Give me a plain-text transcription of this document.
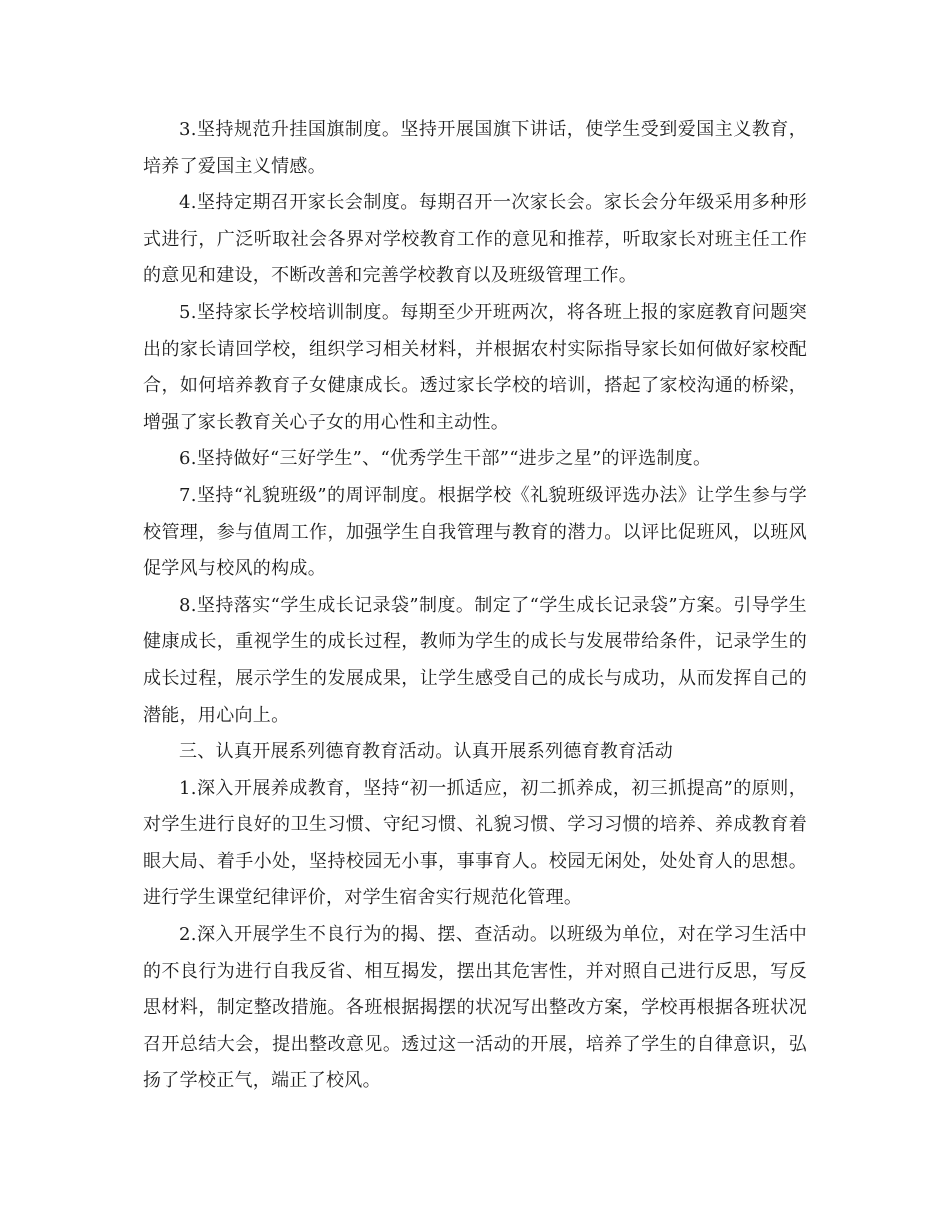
3.坚持规范升挂国旗制度。坚持开展国旗下讲话，使学生受到爱国主义教育，培养了爱国主义情感。

4.坚持定期召开家长会制度。每期召开一次家长会。家长会分年级采用多种形式进行，广泛听取社会各界对学校教育工作的意见和推荐，听取家长对班主任工作的意见和建设，不断改善和完善学校教育以及班级管理工作。

5.坚持家长学校培训制度。每期至少开班两次，将各班上报的家庭教育问题突出的家长请回学校，组织学习相关材料，并根据农村实际指导家长如何做好家校配合，如何培养教育子女健康成长。透过家长学校的培训，搭起了家校沟通的桥梁，增强了家长教育关心子女的用心性和主动性。

6.坚持做好“三好学生”、“优秀学生干部”“进步之星”的评选制度。

7.坚持“礼貌班级”的周评制度。根据学校《礼貌班级评选办法》让学生参与学校管理，参与值周工作，加强学生自我管理与教育的潜力。以评比促班风，以班风促学风与校风的构成。

8.坚持落实“学生成长记录袋”制度。制定了“学生成长记录袋”方案。引导学生健康成长，重视学生的成长过程，教师为学生的成长与发展带给条件，记录学生的成长过程，展示学生的发展成果，让学生感受自己的成长与成功，从而发挥自己的潜能，用心向上。

三、认真开展系列德育教育活动。认真开展系列德育教育活动

1.深入开展养成教育，坚持“初一抓适应，初二抓养成，初三抓提高”的原则，对学生进行良好的卫生习惯、守纪习惯、礼貌习惯、学习习惯的培养、养成教育着眼大局、着手小处，坚持校园无小事，事事育人。校园无闲处，处处育人的思想。进行学生课堂纪律评价，对学生宿舍实行规范化管理。

2.深入开展学生不良行为的揭、摆、查活动。以班级为单位，对在学习生活中的不良行为进行自我反省、相互揭发，摆出其危害性，并对照自己进行反思，写反思材料，制定整改措施。各班根据揭摆的状况写出整改方案，学校再根据各班状况召开总结大会，提出整改意见。透过这一活动的开展，培养了学生的自律意识，弘扬了学校正气，端正了校风。
